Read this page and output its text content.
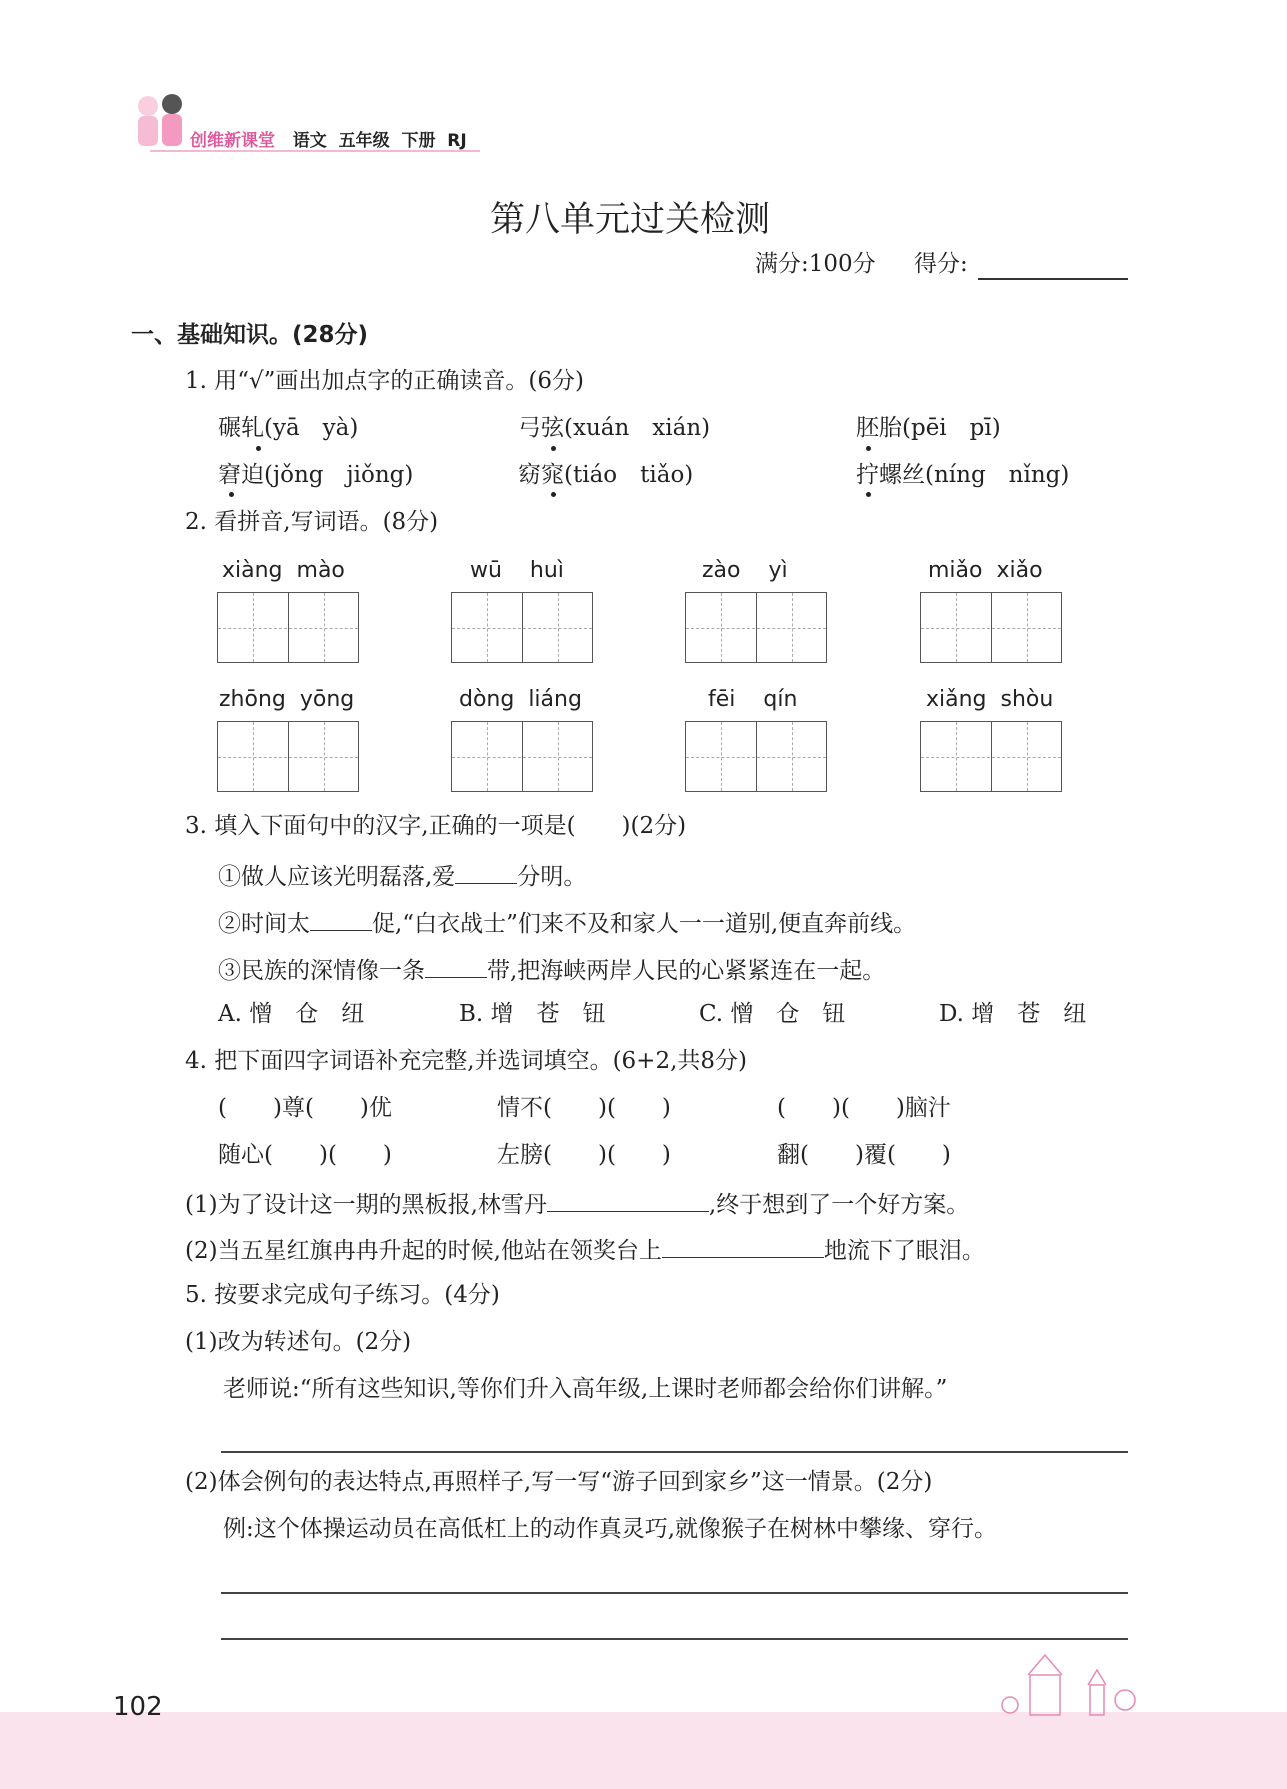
创维新课堂 语文 五年级 下册 RJ
第八单元过关检测
满分:100分 得分:
一、基础知识。(28分)
1. 用“√”画出加点字的正确读音。(6分)
碾轧(yā　yà)	弓弦(xuán　xián)	胚胎(pēi　pī)
窘迫(jǒng　jiǒng)	窈窕(tiáo　tiǎo)	拧螺丝(níng　nǐng)
2. 看拼音,写词语。(8分)
xiàng  mào	wū    huì	zào    yì	miǎo  xiǎo
zhōng  yōng	dòng  liáng	fēi    qín	xiǎng  shòu
3. 填入下面句中的汉字,正确的一项是(　　)(2分)
①做人应该光明磊落,爱	分明。
②时间太	促,“白衣战士”们来不及和家人一一道别,便直奔前线。
③民族的深情像一条	带,把海峡两岸人民的心紧紧连在一起。
A. 憎　仓　纽	B. 增　苍　钮	C. 憎　仓　钮	D. 增　苍　纽
4. 把下面四字词语补充完整,并选词填空。(6+2,共8分)
(　　)尊(　　)优	情不(　　)(　　)	(　　)(　　)脑汁
随心(　　)(　　)	左膀(　　)(　　)	翻(　　)覆(　　)
(1)为了设计这一期的黑板报,林雪丹	,终于想到了一个好方案。
(2)当五星红旗冉冉升起的时候,他站在领奖台上	地流下了眼泪。
5. 按要求完成句子练习。(4分)
(1)改为转述句。(2分)
老师说:“所有这些知识,等你们升入高年级,上课时老师都会给你们讲解。”
(2)体会例句的表达特点,再照样子,写一写“游子回到家乡”这一情景。(2分)
例:这个体操运动员在高低杠上的动作真灵巧,就像猴子在树林中攀缘、穿行。
102
